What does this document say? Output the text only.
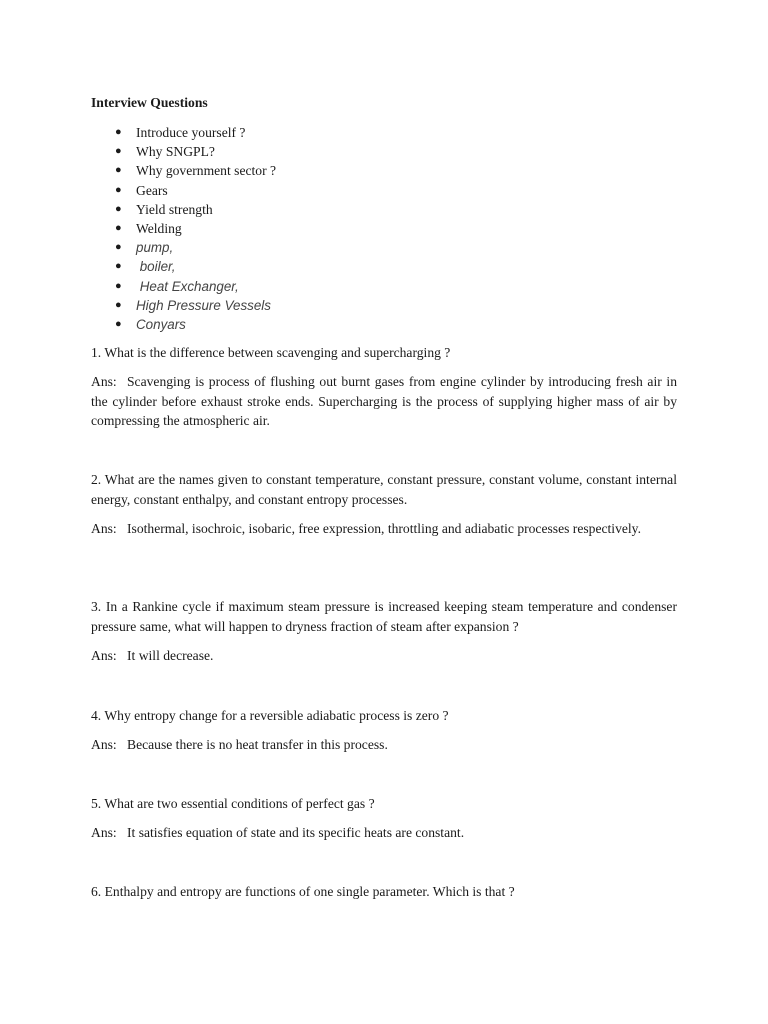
Interview Questions
● Introduce yourself ?
● Why SNGPL?
● Why government sector ?
● Gears
● Yield strength
● Welding
● pump,
● boiler,
● Heat Exchanger,
● High Pressure Vessels
● Conyars

1. What is the difference between scavenging and supercharging ?

Ans: Scavenging is process of flushing out burnt gases from engine cylinder by introducing fresh air in the cylinder before exhaust stroke ends. Supercharging is the process of supplying higher mass of air by compressing the atmospheric air.

2. What are the names given to constant temperature, constant pressure, constant volume, constant internal energy, constant enthalpy, and constant entropy processes.

Ans: Isothermal, isochroic, isobaric, free expression, throttling and adiabatic processes respectively.

3. In a Rankine cycle if maximum steam pressure is increased keeping steam temperature and condenser pressure same, what will happen to dryness fraction of steam after expansion ?

Ans: It will decrease.

4. Why entropy change for a reversible adiabatic process is zero ?

Ans: Because there is no heat transfer in this process.

5. What are two essential conditions of perfect gas ?

Ans: It satisfies equation of state and its specific heats are constant.

6. Enthalpy and entropy are functions of one single parameter. Which is that ?
